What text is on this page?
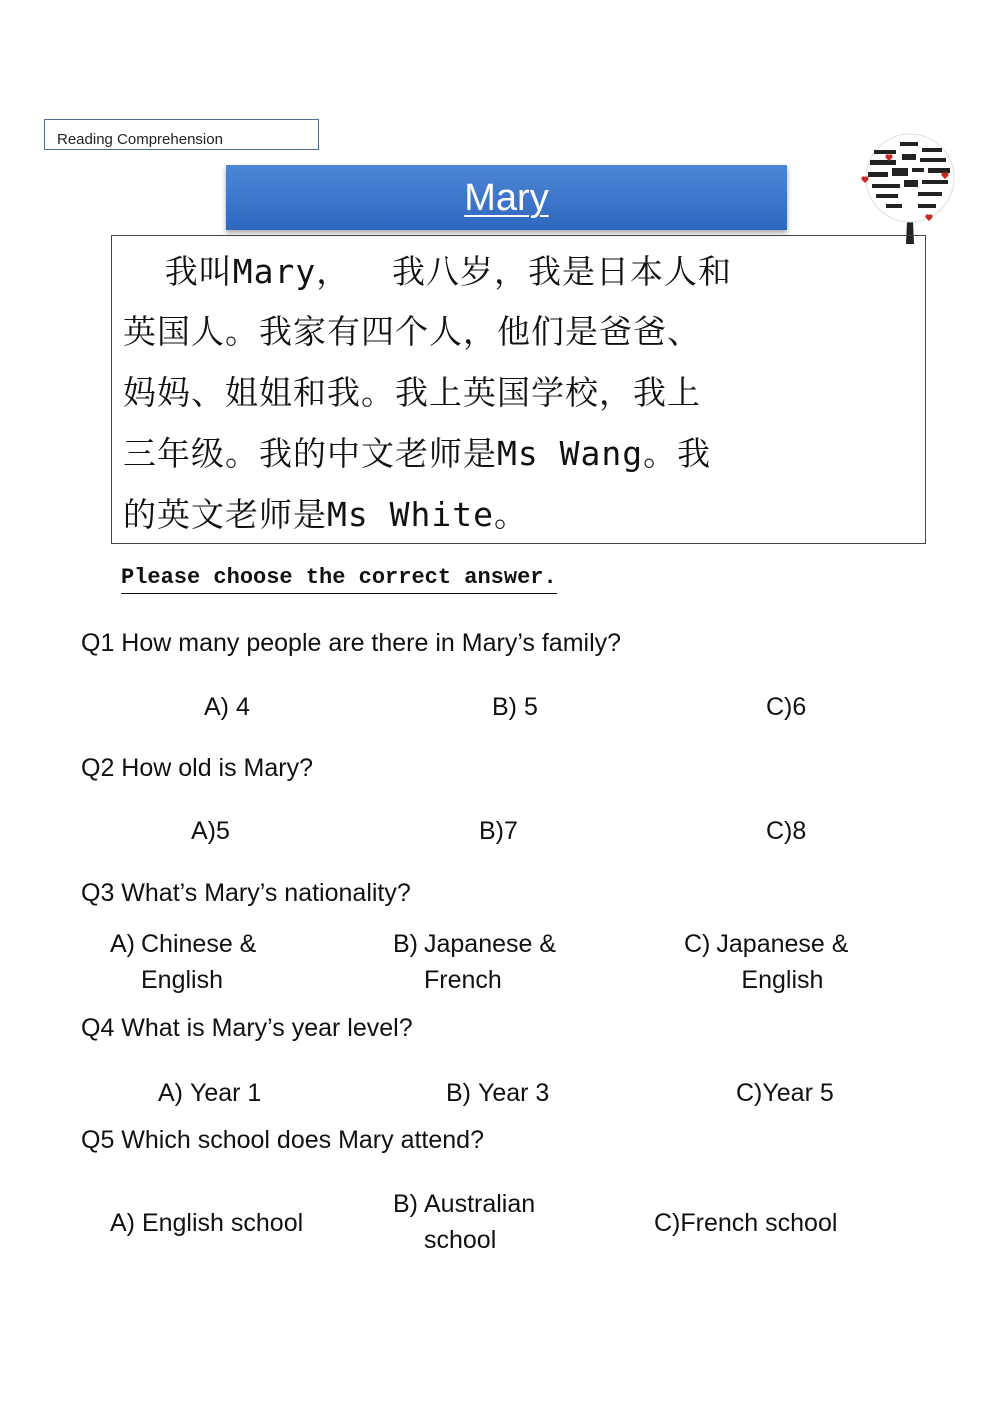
Reading Comprehension
Mary
我叫Mary，  我八岁，我是日本人和
英国人。我家有四个人，他们是爸爸、
妈妈、姐姐和我。我上英国学校，我上
三年级。我的中文老师是Ms Wang。我
的英文老师是Ms White。
Please choose the correct answer.
Q1 How many people are there in Mary’s family?
A) 4	B) 5	C)6
Q2 How old is Mary?
A)5	B)7	C)8
Q3 What’s Mary’s nationality?
A) Chinese &
English
B) Japanese &
French
C) Japanese &
English
Q4 What is Mary’s year level?
A) Year 1	B) Year 3	C)Year 5
Q5 Which school does Mary attend?
A) English school
B) Australian
school
C)French school
